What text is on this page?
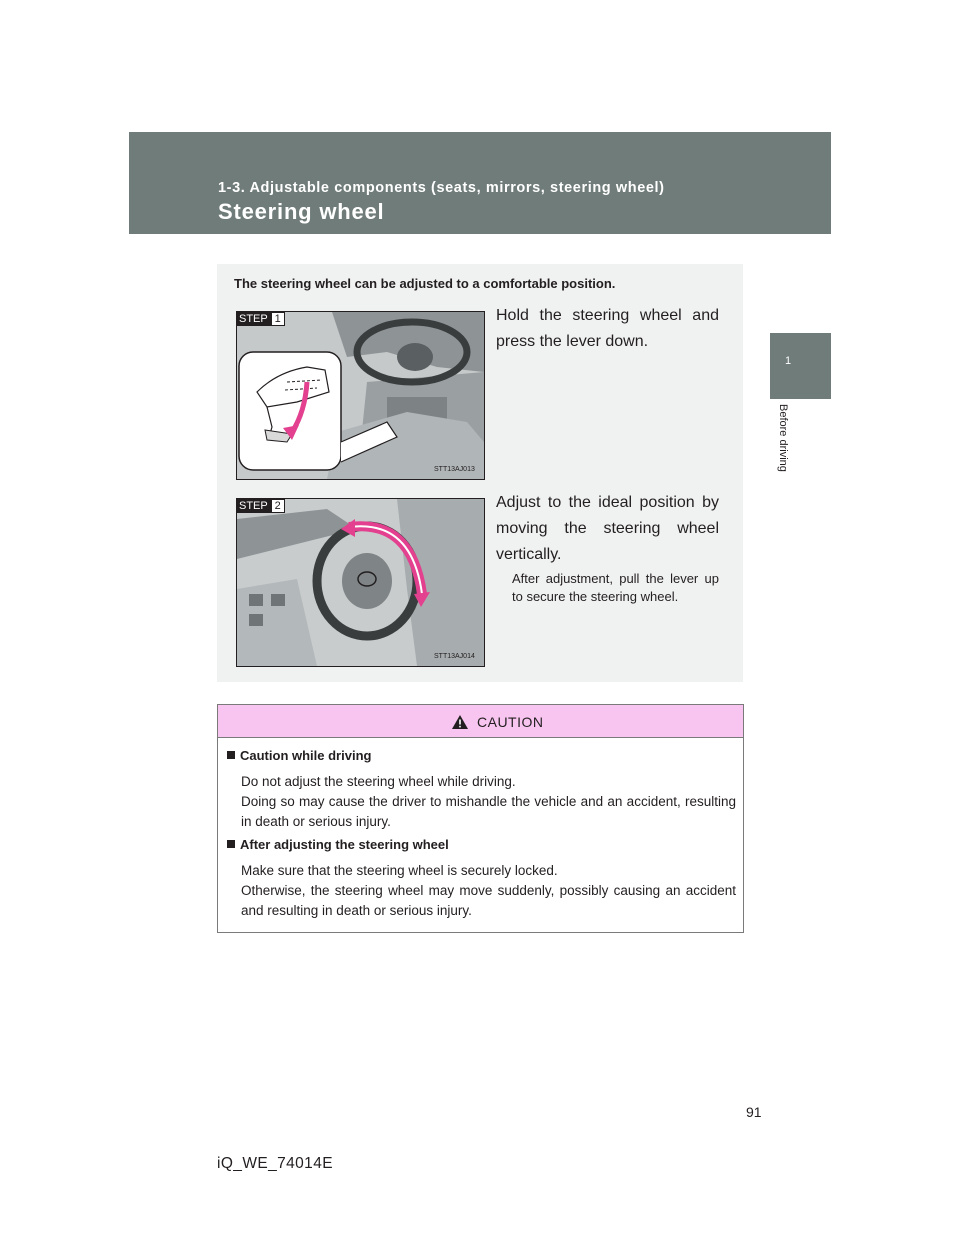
1-3. Adjustable components (seats, mirrors, steering wheel)
Steering wheel
1
Before driving
The steering wheel can be adjusted to a comfortable position.
STEP 1	Hold the steering wheel and press the lever down.
STT13AJ013
STEP 2	Adjust to the ideal position by moving the steering wheel vertically.
After adjustment, pull the lever up to secure the steering wheel.
STT13AJ014
CAUTION
Caution while driving
Do not adjust the steering wheel while driving.
Doing so may cause the driver to mishandle the vehicle and an accident, resulting in death or serious injury.
After adjusting the steering wheel
Make sure that the steering wheel is securely locked.
Otherwise, the steering wheel may move suddenly, possibly causing an accident and resulting in death or serious injury.
91
iQ_WE_74014E
